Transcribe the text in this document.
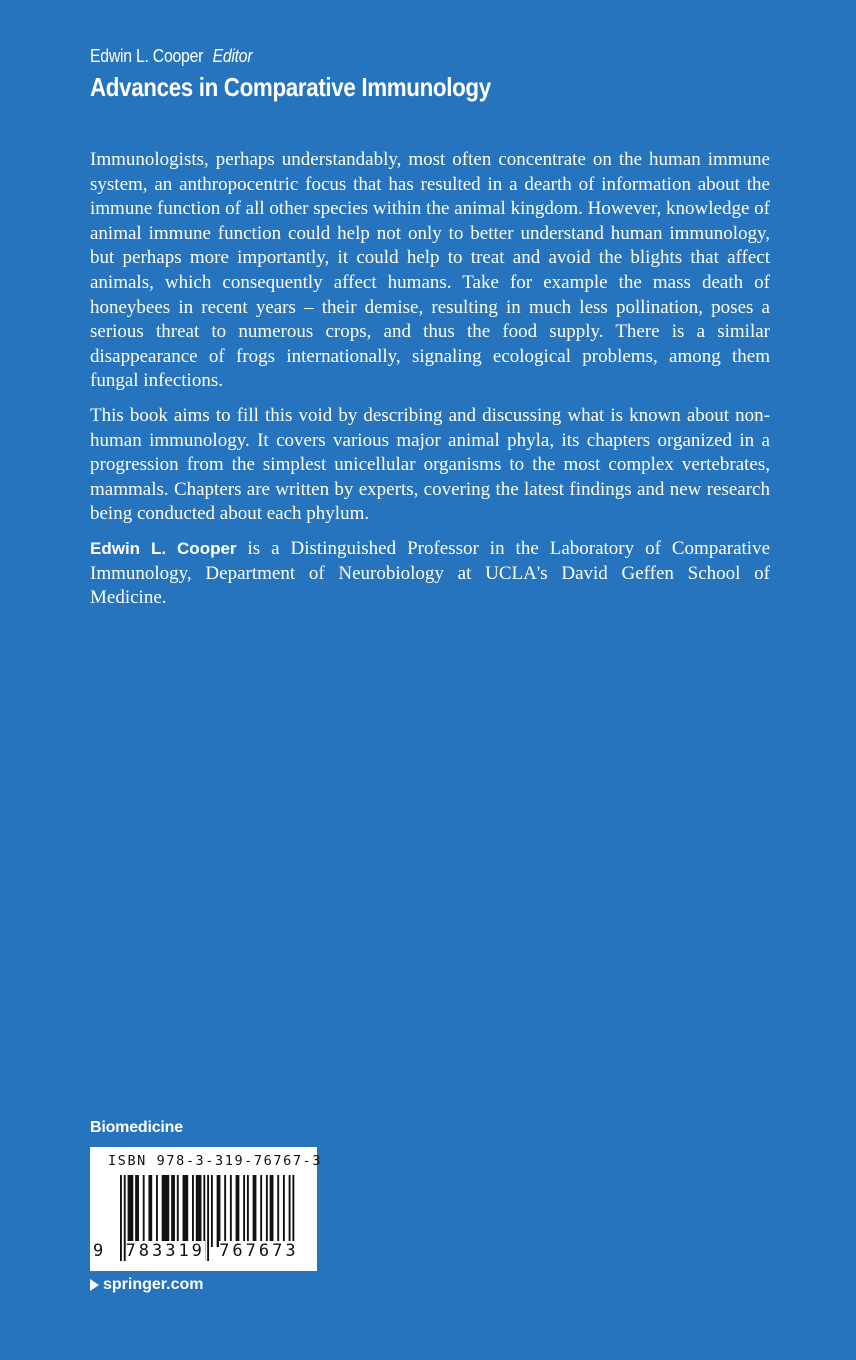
Edwin L. Cooper Editor
Advances in Comparative Immunology

Immunologists, perhaps understandably, most often concentrate on the human immune system, an anthropocentric focus that has resulted in a dearth of information about the immune function of all other species within the animal kingdom. However, knowledge of animal immune function could help not only to better understand human immunology, but perhaps more importantly, it could help to treat and avoid the blights that affect animals, which consequently affect humans. Take for example the mass death of honeybees in recent years – their demise, resulting in much less pollination, poses a serious threat to numerous crops, and thus the food supply. There is a similar disappearance of frogs internationally, signaling ecological problems, among them fungal infections.

This book aims to fill this void by describing and discussing what is known about non-human immunology. It covers various major animal phyla, its chapters organized in a progression from the simplest unicellular organisms to the most complex vertebrates, mammals. Chapters are written by experts, covering the latest findings and new research being conducted about each phylum.

Edwin L. Cooper is a Distinguished Professor in the Laboratory of Comparative Immunology, Department of Neurobiology at UCLA's David Geffen School of Medicine.

Biomedicine
ISBN 978-3-319-76767-3
9 783319 767673
springer.com
